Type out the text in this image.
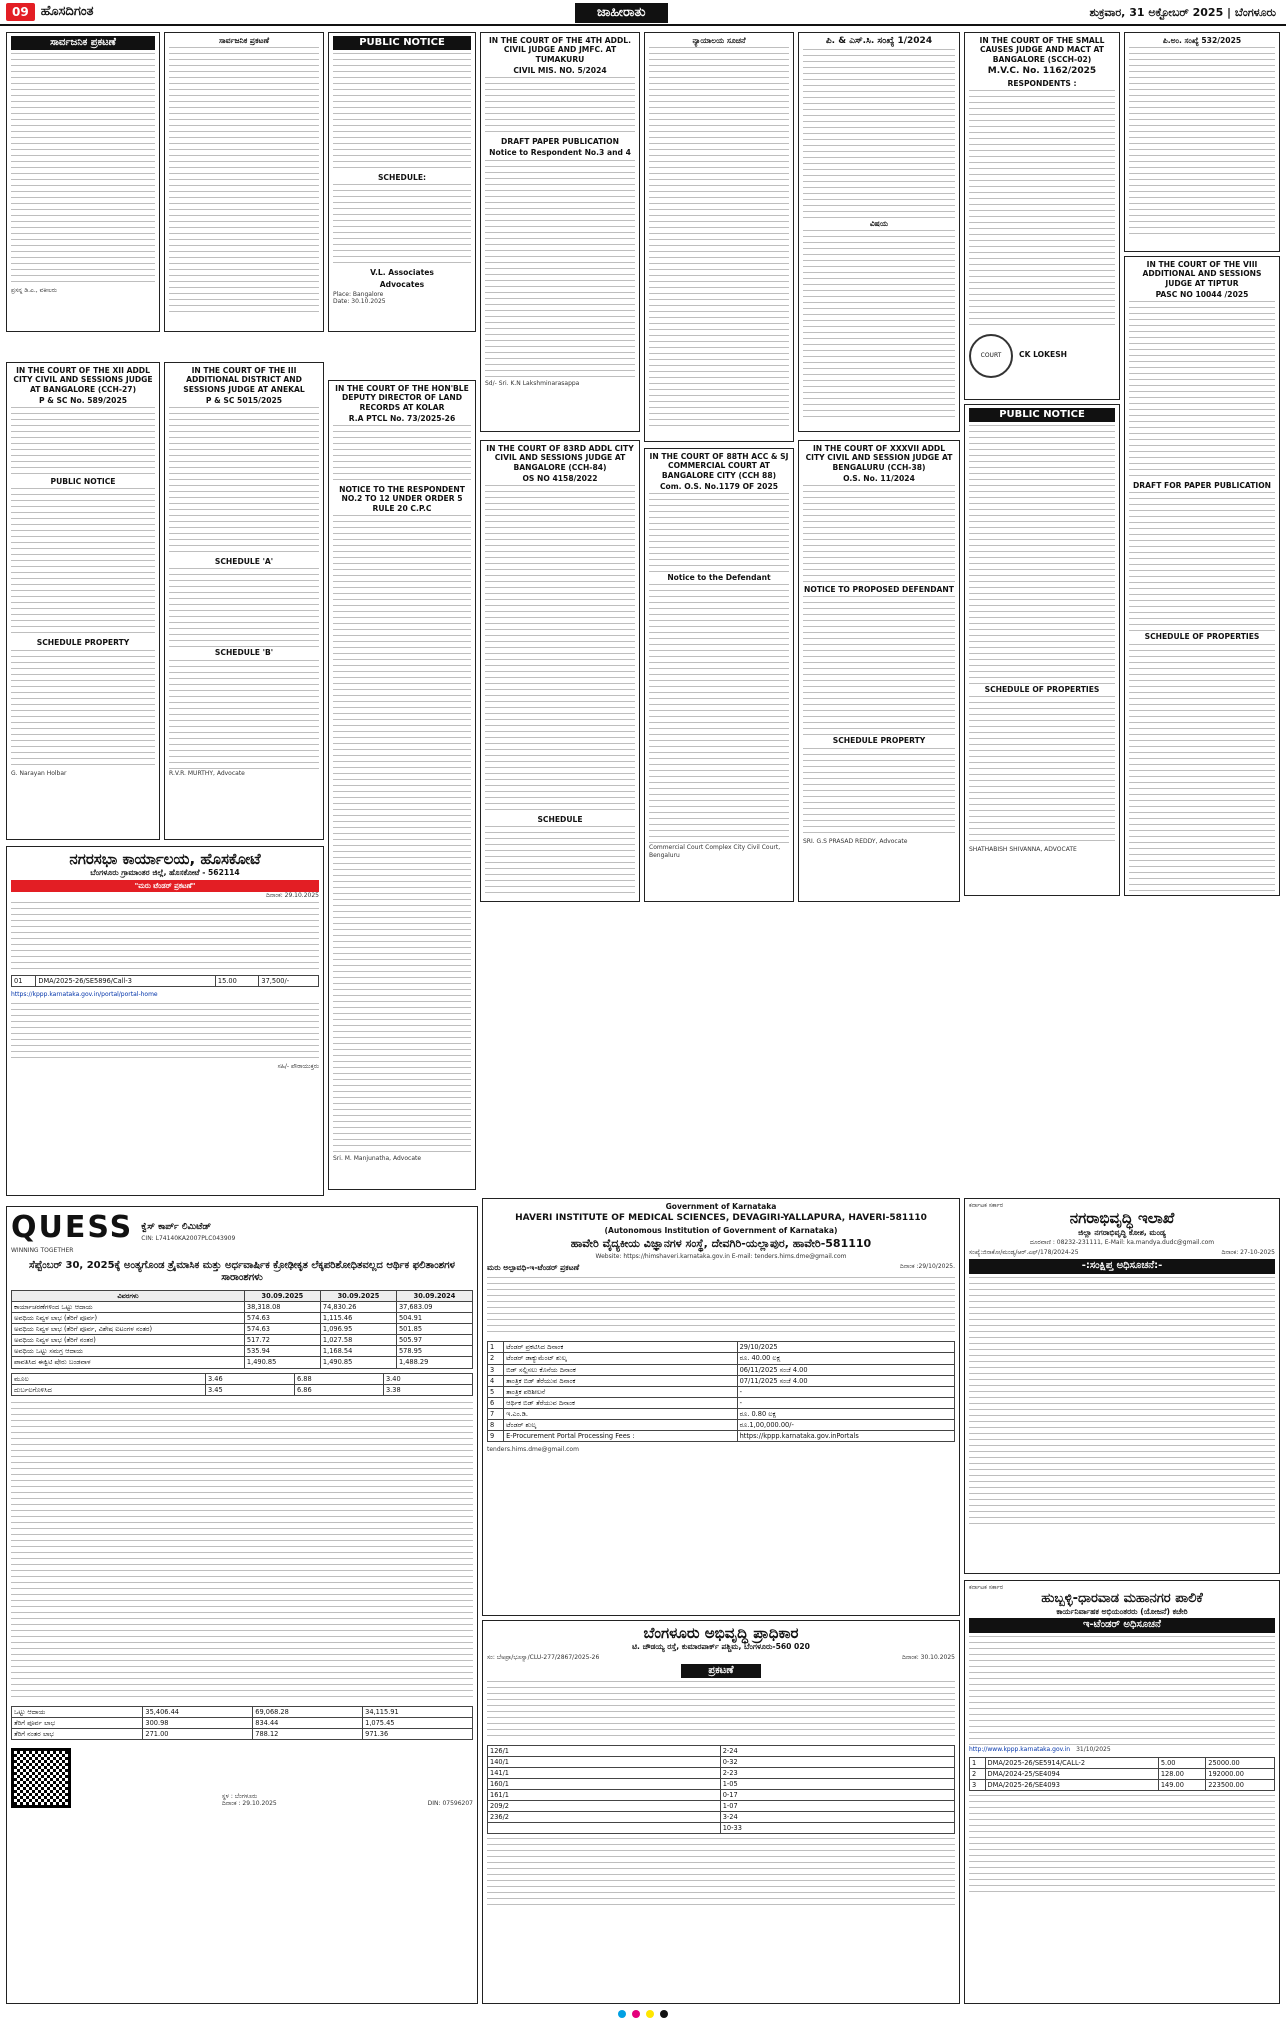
09 ಹೊಸದಿಗಂತ	ಜಾಹೀರಾತು	ಶುಕ್ರವಾರ, 31 ಅಕ್ಟೋಬರ್ 2025 | ಬೆಂಗಳೂರು
ಸಾರ್ವಜನಿಕ ಪ್ರಕಟಣೆ
ಪ್ರಸನ್ನ ಡಿ.ಎ., ವಕೀಲರು
ಸಾರ್ವಜನಿಕ ಪ್ರಕಟಣೆ	PUBLIC NOTICE
SCHEDULE:
V.L. Associates
Advocates
Place: Bangalore
Date: 30.10.2025
IN THE COURT OF THE 4TH ADDL. CIVIL JUDGE AND JMFC. AT TUMAKURU
CIVIL MIS. NO. 5/2024
DRAFT PAPER PUBLICATION
Notice to Respondent No.3 and 4
Sd/- Sri. K.N Lakshminarasappa
ನ್ಯಾಯಾಲಯ ಸೂಚನೆ	ಪಿ. & ಎಸ್.ಸಿ. ಸಂಖ್ಯೆ 1/2024
ವಿಷಯ
IN THE COURT OF THE SMALL CAUSES JUDGE AND MACT AT BANGALORE (SCCH-02)
M.V.C. No. 1162/2025
RESPONDENTS :
COURT CK LOKESH
ಪಿ.ಅಂ. ಸಂಖ್ಯೆ 532/2025
IN THE COURT OF THE VIII ADDITIONAL AND SESSIONS JUDGE AT TIPTUR
PASC NO 10044 /2025
DRAFT FOR PAPER PUBLICATION
SCHEDULE OF PROPERTIES
IN THE COURT OF THE XII ADDL CITY CIVIL AND SESSIONS JUDGE AT BANGALORE (CCH-27)
P & SC No. 589/2025
PUBLIC NOTICE
SCHEDULE PROPERTY
G. Narayan Holbar
IN THE COURT OF THE III ADDITIONAL DISTRICT AND SESSIONS JUDGE AT ANEKAL
P & SC 5015/2025
SCHEDULE 'A'
SCHEDULE 'B'
R.V.R. MURTHY, Advocate
IN THE COURT OF THE HON'BLE DEPUTY DIRECTOR OF LAND RECORDS AT KOLAR
R.A PTCL No. 73/2025-26
NOTICE TO THE RESPONDENT NO.2 TO 12 UNDER ORDER 5 RULE 20 C.P.C
Sri. M. Manjunatha, Advocate
IN THE COURT OF 83RD ADDL CITY CIVIL AND SESSIONS JUDGE AT BANGALORE (CCH-84)
OS NO 4158/2022
SCHEDULE
IN THE COURT OF 88TH ACC & SJ COMMERCIAL COURT AT BANGALORE CITY (CCH 88)
Com. O.S. No.1179 OF 2025
Notice to the Defendant
Commercial Court Complex City Civil Court, Bengaluru
IN THE COURT OF XXXVII ADDL CITY CIVIL AND SESSION JUDGE AT BENGALURU (CCH-38)
O.S. No. 11/2024
NOTICE TO PROPOSED DEFENDANT
SCHEDULE PROPERTY
SRI. G.S PRASAD REDDY, Advocate
PUBLIC NOTICE
SCHEDULE OF PROPERTIES
SHATHABISH SHIVANNA, ADVOCATE
ನಗರಸಭಾ ಕಾರ್ಯಾಲಯ, ಹೊಸಕೋಟೆ
ಬೆಂಗಳೂರು ಗ್ರಾಮಾಂತರ ಜಿಲ್ಲೆ, ಹೊಸಕೋಟೆ - 562114
"ಮರು ಟೆಂಡರ್ ಪ್ರಕಟಣೆ"
ದಿನಾಂಕ: 29.10.2025
01	DMA/2025-26/SE5896/Call-3	15.00	37,500/-
https://kppp.karnataka.gov.in/portal/portal-home
ಸಹಿ/- ಪೌರಾಯುಕ್ತರು
QUESS
WINNING TOGETHER
ಕ್ವೆಸ್ ಕಾರ್ಪ್ ಲಿಮಿಟೆಡ್
CIN: L74140KA2007PLC043909
ಸೆಪ್ಟೆಂಬರ್ 30, 2025ಕ್ಕೆ ಅಂತ್ಯಗೊಂಡ ತ್ರೈಮಾಸಿಕ ಮತ್ತು ಅರ್ಧವಾರ್ಷಿಕ ಕ್ರೋಢೀಕೃತ ಲೆಕ್ಕಪರಿಶೋಧಿತವಲ್ಲದ ಆರ್ಥಿಕ ಫಲಿತಾಂಶಗಳ ಸಾರಾಂಶಗಳು
ವಿವರಗಳು	30.09.2025	30.09.2025	30.09.2024
ಕಾರ್ಯಾಚರಣೆಗಳಿಂದ ಒಟ್ಟು ಆದಾಯ	38,318.08	74,830.26	37,683.09
ಅವಧಿಯ ನಿವ್ವಳ ಲಾಭ (ತೆರಿಗೆ ಪೂರ್ವ)	574.63	1,115.46	504.91
ಅವಧಿಯ ನಿವ್ವಳ ಲಾಭ (ತೆರಿಗೆ ಪೂರ್ವ, ವಿಶೇಷ ಐಟಂಗಳ ನಂತರ)	574.63	1,096.95	501.85
ಅವಧಿಯ ನಿವ್ವಳ ಲಾಭ (ತೆರಿಗೆ ನಂತರ)	517.72	1,027.58	505.97
ಅವಧಿಯ ಒಟ್ಟು ಸಮಗ್ರ ಆದಾಯ	535.94	1,168.54	578.95
ಪಾವತಿಸಿದ ಈಕ್ವಿಟಿ ಷೇರು ಬಂಡವಾಳ	1,490.85	1,490.85	1,488.29
ಮೂಲ	3.46	6.88	3.40
ದುರ್ಬಲಗೊಳಿಸಿದ	3.45	6.86	3.38
ಒಟ್ಟು ಆದಾಯ	35,406.44	69,068.28	34,115.91
ತೆರಿಗೆ ಪೂರ್ವ ಲಾಭ	300.98	834.44	1,075.45
ತೆರಿಗೆ ನಂತರ ಲಾಭ	271.00	788.12	971.36
ಸ್ಥಳ : ಬೆಂಗಳೂರು
ದಿನಾಂಕ : 29.10.2025	DIN: 07596207
Government of Karnataka
HAVERI INSTITUTE OF MEDICAL SCIENCES, DEVAGIRI-YALLAPURA, HAVERI-581110
(Autonomous Institution of Government of Karnataka)
ಹಾವೇರಿ ವೈದ್ಯಕೀಯ ವಿಜ್ಞಾನಗಳ ಸಂಸ್ಥೆ, ದೇವಗಿರಿ-ಯಲ್ಲಾಪುರ, ಹಾವೇರಿ-581110
Website: https://himshaveri.karnataka.gov.in E-mail: tenders.hims.dme@gmail.com
ಮರು ಅಲ್ಪಾವಧಿ-ಇ-ಟೆಂಡರ್ ಪ್ರಕಟಣೆ	ದಿನಾಂಕ :29/10/2025.
1	ಟೆಂಡರ್ ಪ್ರಕಟಿಸಿದ ದಿನಾಂಕ	29/10/2025
2	ಟೆಂಡರ್ ಡಾಕ್ಯುಮೆಂಟ್ ಶುಲ್ಕ	ರೂ. 40.00 ಲಕ್ಷ
3	ಬಿಡ್ ಸಲ್ಲಿಸಲು ಕೊನೆಯ ದಿನಾಂಕ	06/11/2025 ಸಂಜೆ 4.00
4	ತಾಂತ್ರಿಕ ಬಿಡ್ ತೆರೆಯುವ ದಿನಾಂಕ	07/11/2025 ಸಂಜೆ 4.00
5	ತಾಂತ್ರಿಕ ಪರಿಶೀಲನೆ	-
6	ಆರ್ಥಿಕ ಬಿಡ್ ತೆರೆಯುವ ದಿನಾಂಕ	-
7	ಇ.ಎಂ.ಡಿ.	ರೂ. 0.80 ಲಕ್ಷ
8	ಟೆಂಡರ್ ಶುಲ್ಕ	ರೂ.1,00,000.00/-
9	E-Procurement Portal Processing Fees :	https://kppp.karnataka.gov.inPortals
tenders.hims.dme@gmail.com
ಬೆಂಗಳೂರು ಅಭಿವೃದ್ಧಿ ಪ್ರಾಧಿಕಾರ
ಟಿ. ಚೌಡಯ್ಯ ರಸ್ತೆ, ಕುಮಾರಪಾರ್ಕ್ ಪಶ್ಚಿಮ, ಬೆಂಗಳೂರು-560 020
ಸಂ: ಬೆಅಪ್ರಾ/ಭೂಸ್ವಾ/CLU-277/2867/2025-26	ದಿನಾಂಕ: 30.10.2025
ಪ್ರಕಟಣೆ
126/1	2-24
140/1	0-32
141/1	2-23
160/1	1-05
161/1	0-17
209/2	1-07
236/2	3-24
	10-33
ಕರ್ನಾಟಕ ಸರ್ಕಾರ
ನಗರಾಭಿವೃದ್ಧಿ ಇಲಾಖೆ
ಜಿಲ್ಲಾ ನಗರಾಭಿವೃದ್ಧಿ ಕೋಶ, ಮಂಡ್ಯ
ದೂರವಾಣಿ : 08232-231111, E-Mail: ka.mandya.dudc@gmail.com
ಸಂಖ್ಯೆ:ಜಿನಾಕೋ/ಮಂಡ್ಯ/ಆರ್.ಎಫ್/178/2024-25	ದಿನಾಂಕ: 27-10-2025
-:ಸಂಕ್ಷಿಪ್ತ ಅಧಿಸೂಚನೆ:-
ಕರ್ನಾಟಕ ಸರ್ಕಾರ
ಹುಬ್ಬಳ್ಳಿ-ಧಾರವಾಡ ಮಹಾನಗರ ಪಾಲಿಕೆ
ಕಾರ್ಯನಿರ್ವಾಹಕ ಅಭಿಯಂತರರು (ಯೋಜನೆ) ಕಚೇರಿ
ಇ-ಟೆಂಡರ್ ಅಧಿಸೂಚನೆ
http://www.kppp.karnataka.gov.in 31/10/2025
1	DMA/2025-26/SE5914/CALL-2	5.00	25000.00
2	DMA/2024-25/SE4094	128.00	192000.00
3	DMA/2025-26/SE4093	149.00	223500.00
